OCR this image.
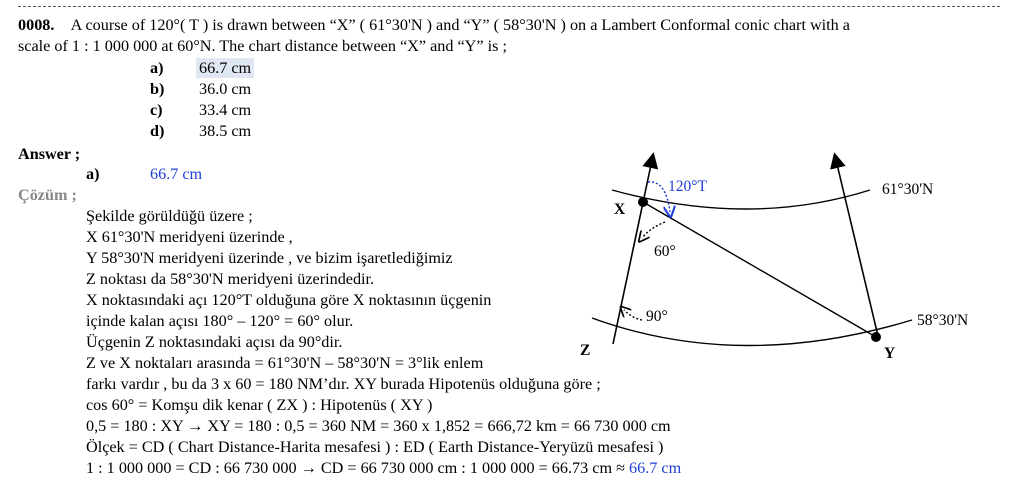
0008. A course of 120°( T ) is drawn between “X” ( 61°30'N ) and “Y” ( 58°30'N ) on a Lambert Conformal conic chart with a
scale of 1 : 1 000 000 at 60°N. The chart distance between “X” and “Y” is ;
a) 66.7 cm
b) 36.0 cm
c) 33.4 cm
d) 38.5 cm
Answer ;
a)	66.7 cm
Çözüm ;
Şekilde görüldüğü üzere ;
X 61°30'N meridyeni üzerinde ,
Y 58°30'N meridyeni üzerinde , ve bizim işaretlediğimiz
Z noktası da 58°30'N meridyeni üzerindedir.
X noktasındaki açı 120°T olduğuna göre X noktasının üçgenin
içinde kalan açısı 180° – 120° = 60° olur.
Üçgenin Z noktasındaki açısı da 90°dir.
Z ve X noktaları arasında = 61°30'N – 58°30'N = 3°lik enlem
farkı vardır , bu da 3 x 60 = 180 NM’dır. XY burada Hipotenüs olduğuna göre ;
cos 60° = Komşu dik kenar ( ZX ) : Hipotenüs ( XY )
0,5 = 180 : XY → XY = 180 : 0,5 = 360 NM = 360 x 1,852 = 666,72 km = 66 730 000 cm
Ölçek = CD ( Chart Distance-Harita mesafesi ) : ED ( Earth Distance-Yeryüzü mesafesi )
1 : 1 000 000 = CD : 66 730 000 → CD = 66 730 000 cm : 1 000 000 = 66.73 cm ≈ 66.7 cm
120°T	61°30'N
58°30'N
X
Y
Z
60°
90°
